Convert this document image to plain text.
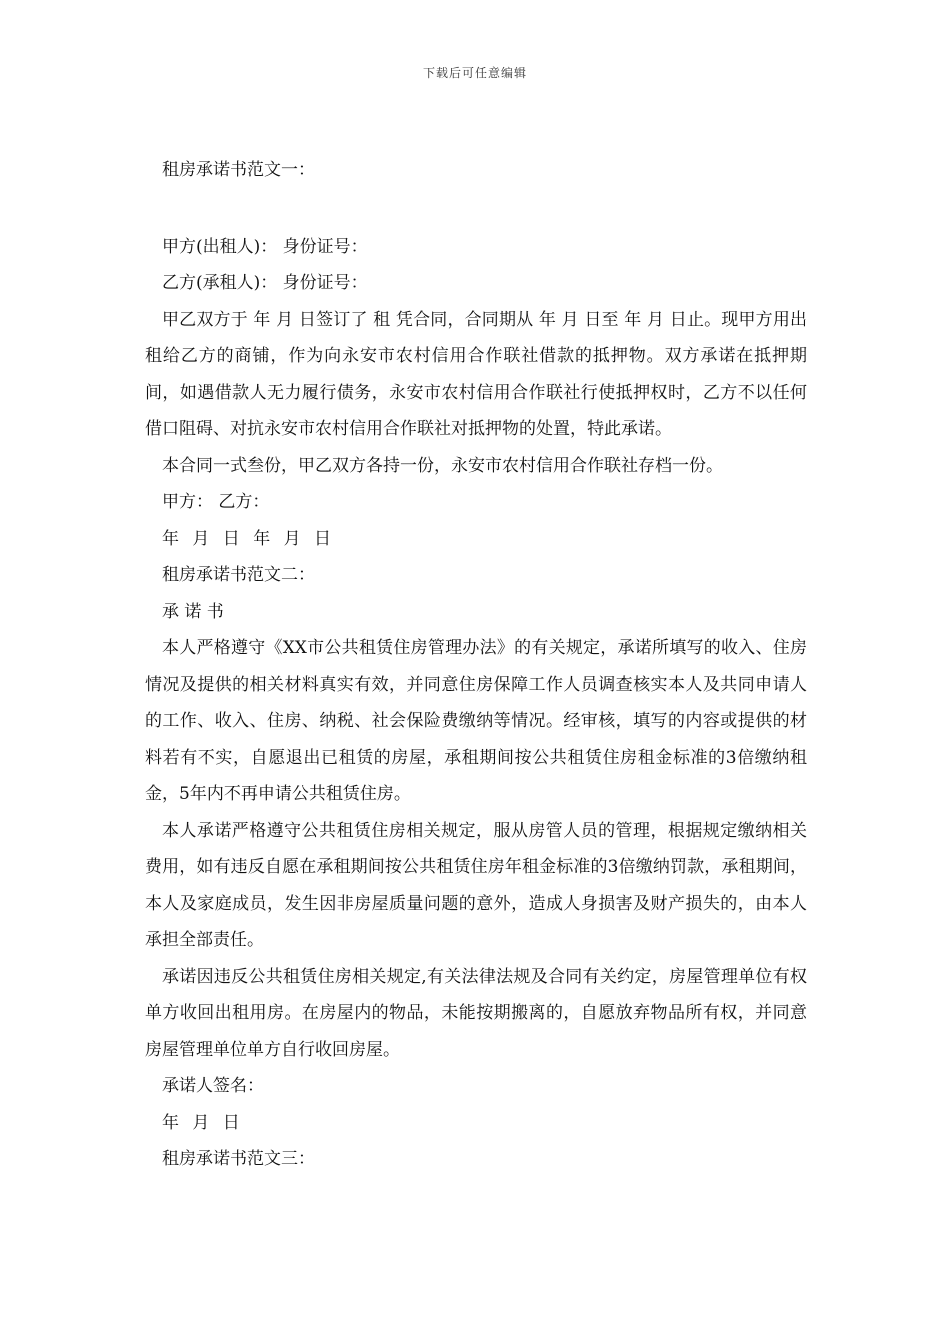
下载后可任意编辑

租房承诺书范文一：

甲方(出租人)： 身份证号：

乙方(承租人)： 身份证号：

甲乙双方于 年 月 日签订了 租 凭合同，合同期从 年 月 日至 年 月 日止。现甲方用出租给乙方的商铺，作为向永安市农村信用合作联社借款的抵押物。双方承诺在抵押期间，如遇借款人无力履行债务，永安市农村信用合作联社行使抵押权时，乙方不以任何借口阻碍、对抗永安市农村信用合作联社对抵押物的处置，特此承诺。

本合同一式叁份，甲乙双方各持一份，永安市农村信用合作联社存档一份。

甲方： 乙方：

年 月 日 年 月 日

租房承诺书范文二：

承 诺 书

本人严格遵守《XX市公共租赁住房管理办法》的有关规定，承诺所填写的收入、住房情况及提供的相关材料真实有效，并同意住房保障工作人员调查核实本人及共同申请人的工作、收入、住房、纳税、社会保险费缴纳等情况。经审核，填写的内容或提供的材料若有不实，自愿退出已租赁的房屋，承租期间按公共租赁住房租金标准的3倍缴纳租金，5年内不再申请公共租赁住房。

本人承诺严格遵守公共租赁住房相关规定，服从房管人员的管理，根据规定缴纳相关费用，如有违反自愿在承租期间按公共租赁住房年租金标准的3倍缴纳罚款，承租期间，本人及家庭成员，发生因非房屋质量问题的意外，造成人身损害及财产损失的，由本人承担全部责任。

承诺因违反公共租赁住房相关规定,有关法律法规及合同有关约定，房屋管理单位有权单方收回出租用房。在房屋内的物品，未能按期搬离的，自愿放弃物品所有权，并同意房屋管理单位单方自行收回房屋。

承诺人签名：

年 月 日

租房承诺书范文三：
